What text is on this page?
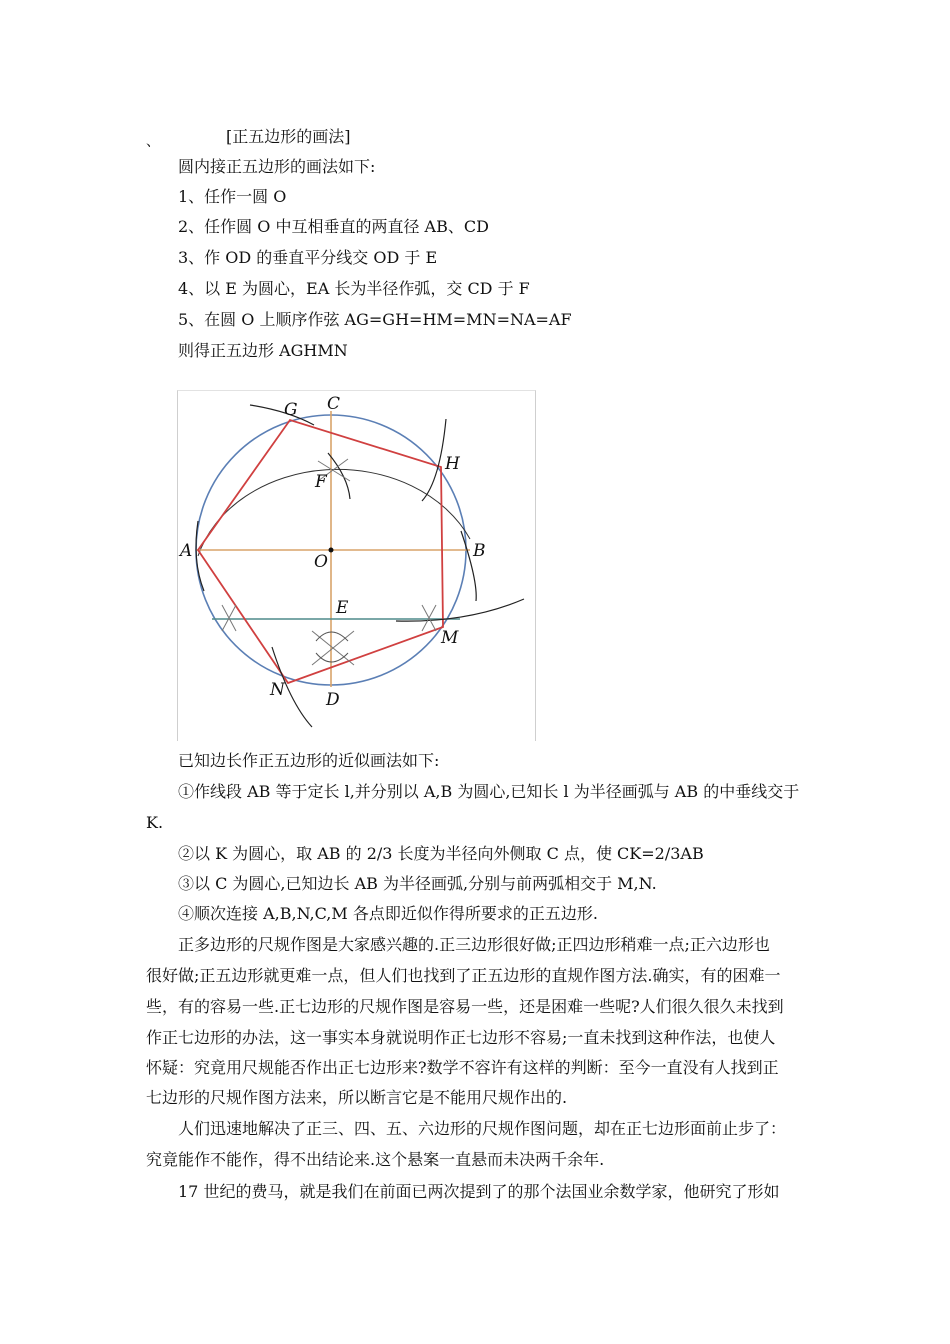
、	[正五边形的画法]
圆内接正五边形的画法如下:
1、任作一圆 O
2、任作圆 O 中互相垂直的两直径 AB、CD
3、作 OD 的垂直平分线交 OD 于 E
4、以 E 为圆心，EA 长为半径作弧，交 CD 于 F
5、在圆 O 上顺序作弦 AG=GH=HM=MN=NA=AF
则得正五边形 AGHMN
G C
H
F
A
O
B
E
M
N D
已知边长作正五边形的近似画法如下:
①作线段 AB 等于定长 l,并分别以 A,B 为圆心,已知长 l 为半径画弧与 AB 的中垂线交于
K.
②以 K 为圆心，取 AB 的 2/3 长度为半径向外侧取 C 点，使 CK=2/3AB
③以 C 为圆心,已知边长 AB 为半径画弧,分别与前两弧相交于 M,N.
④顺次连接 A,B,N,C,M 各点即近似作得所要求的正五边形.
正多边形的尺规作图是大家感兴趣的.正三边形很好做;正四边形稍难一点;正六边形也
很好做;正五边形就更难一点，但人们也找到了正五边形的直规作图方法.确实，有的困难一
些，有的容易一些.正七边形的尺规作图是容易一些，还是困难一些呢?人们很久很久未找到
作正七边形的办法，这一事实本身就说明作正七边形不容易;一直未找到这种作法，也使人
怀疑：究竟用尺规能否作出正七边形来?数学不容许有这样的判断：至今一直没有人找到正
七边形的尺规作图方法来，所以断言它是不能用尺规作出的.
人们迅速地解决了正三、四、五、六边形的尺规作图问题，却在正七边形面前止步了：
究竟能作不能作，得不出结论来.这个悬案一直悬而未决两千余年.
17 世纪的费马，就是我们在前面已两次提到了的那个法国业余数学家，他研究了形如
